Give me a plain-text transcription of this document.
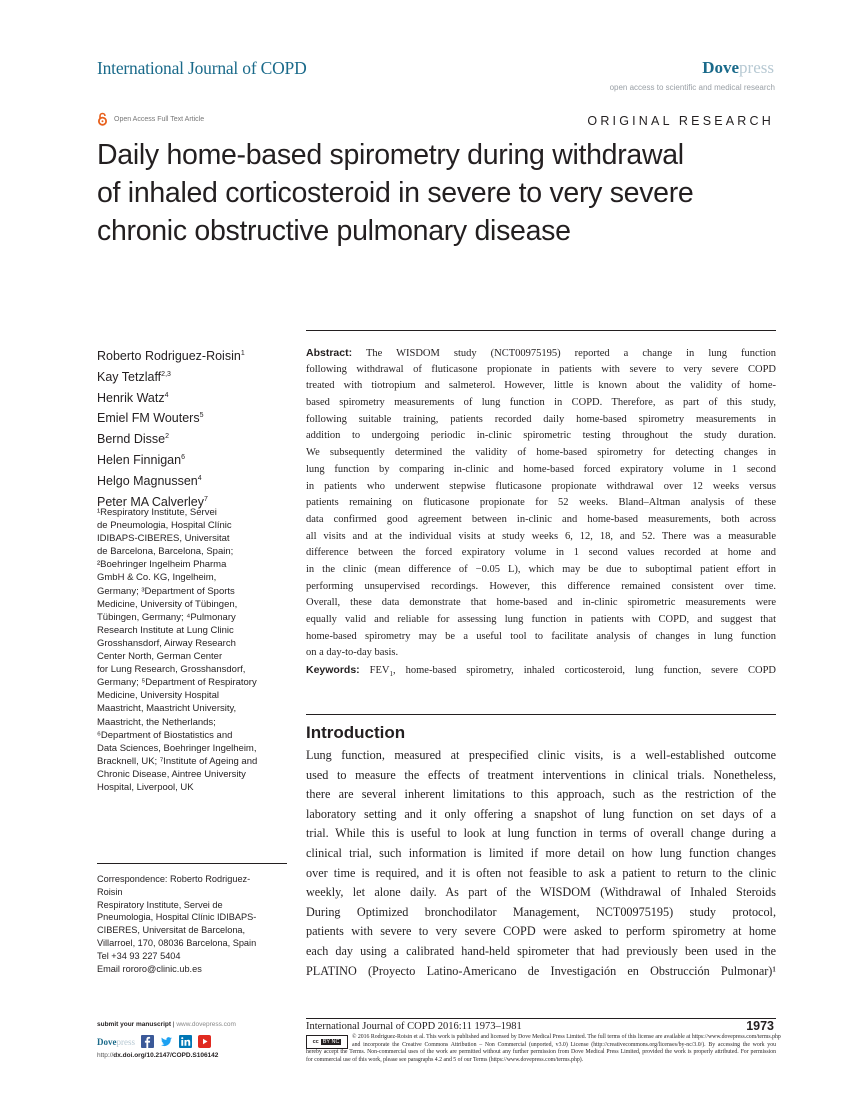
International Journal of COPD	Dovepress
open access to scientific and medical research
Open Access Full Text Article	ORIGINAL RESEARCH
Daily home-based spirometry during withdrawal
of inhaled corticosteroid in severe to very severe
chronic obstructive pulmonary disease
Roberto Rodriguez-Roisin$^1$
Kay Tetzlaff$^{2,3}$
Henrik Watz$^4$
Emiel FM Wouters$^5$
Bernd Disse$^2$
Helen Finnigan$^6$
Helgo Magnussen$^4$
Peter MA Calverley$^7$
¹Respiratory Institute, Servei
de Pneumologia, Hospital Clínic
IDIBAPS-CIBERES, Universitat
de Barcelona, Barcelona, Spain;
²Boehringer Ingelheim Pharma
GmbH & Co. KG, Ingelheim,
Germany; ³Department of Sports
Medicine, University of Tübingen,
Tübingen, Germany; ⁴Pulmonary
Research Institute at Lung Clinic
Grosshansdorf, Airway Research
Center North, German Center
for Lung Research, Grosshansdorf,
Germany; ⁵Department of Respiratory
Medicine, University Hospital
Maastricht, Maastricht University,
Maastricht, the Netherlands;
⁶Department of Biostatistics and
Data Sciences, Boehringer Ingelheim,
Bracknell, UK; ⁷Institute of Ageing and
Chronic Disease, Aintree University
Hospital, Liverpool, UK
Correspondence: Roberto Rodriguez-
Roisin
Respiratory Institute, Servei de
Pneumologia, Hospital Clínic IDIBAPS-
CIBERES, Universitat de Barcelona,
Villarroel, 170, 08036 Barcelona, Spain
Tel +34 93 227 5404
Email rororo@clinic.ub.es
Abstract: The WISDOM study (NCT00975195) reported a change in lung function
following withdrawal of fluticasone propionate in patients with severe to very severe COPD
treated with tiotropium and salmeterol. However, little is known about the validity of home-
based spirometry measurements of lung function in COPD. Therefore, as part of this study,
following suitable training, patients recorded daily home-based spirometry measurements in
addition to undergoing periodic in-clinic spirometric testing throughout the study duration.
We subsequently determined the validity of home-based spirometry for detecting changes in
lung function by comparing in-clinic and home-based forced expiratory volume in 1 second
in patients who underwent stepwise fluticasone propionate withdrawal over 12 weeks versus
patients remaining on fluticasone propionate for 52 weeks. Bland–Altman analysis of these
data confirmed good agreement between in-clinic and home-based measurements, both across
all visits and at the individual visits at study weeks 6, 12, 18, and 52. There was a measurable
difference between the forced expiratory volume in 1 second values recorded at home and
in the clinic (mean difference of −0.05 L), which may be due to suboptimal patient effort in
performing unsupervised recordings. However, this difference remained consistent over time.
Overall, these data demonstrate that home-based and in-clinic spirometric measurements were
equally valid and reliable for assessing lung function in patients with COPD, and suggest that
home-based spirometry may be a useful tool to facilitate analysis of changes in lung function
on a day-to-day basis.
Keywords: $FEV_1$, home-based spirometry, inhaled corticosteroid, lung function, severe COPD
Introduction
Lung function, measured at prespecified clinic visits, is a well-established outcome
used to measure the effects of treatment interventions in clinical trials. Nonetheless,
there are several inherent limitations to this approach, such as the restriction of the
laboratory setting and it only offering a snapshot of lung function on set days of a
trial. While this is useful to look at lung function in terms of overall change during a
clinical trial, such information is limited if more detail on how lung function changes
over time is required, and it is often not feasible to ask a patient to return to the clinic
weekly, let alone daily. As part of the WISDOM (Withdrawal of Inhaled Steroids
During Optimized bronchodilator Management, NCT00975195) study protocol,
patients with severe to very severe COPD were asked to perform spirometry at home
each day using a calibrated hand-held spirometer that had previously been used in the
PLATINO (Proyecto Latino-Americano de Investigación en Obstrucción Pulmonar)¹
submit your manuscript | www.dovepress.com
Dovepress
http://dx.doi.org/10.2147/COPD.S106142
International Journal of COPD 2016:11 1973–1981	1973
cc BY NC
© 2016 Rodriguez-Roisin et al. This work is published and licensed by Dove Medical Press Limited. The full terms of this license are available at https://www.dovepress.com/terms.php
and incorporate the Creative Commons Attribution – Non Commercial (unported, v3.0) License (http://creativecommons.org/licenses/by-nc/3.0/). By accessing the work you
hereby accept the Terms. Non-commercial uses of the work are permitted without any further permission from Dove Medical Press Limited, provided the work is properly attributed. For permission
for commercial use of this work, please see paragraphs 4.2 and 5 of our Terms (https://www.dovepress.com/terms.php).
